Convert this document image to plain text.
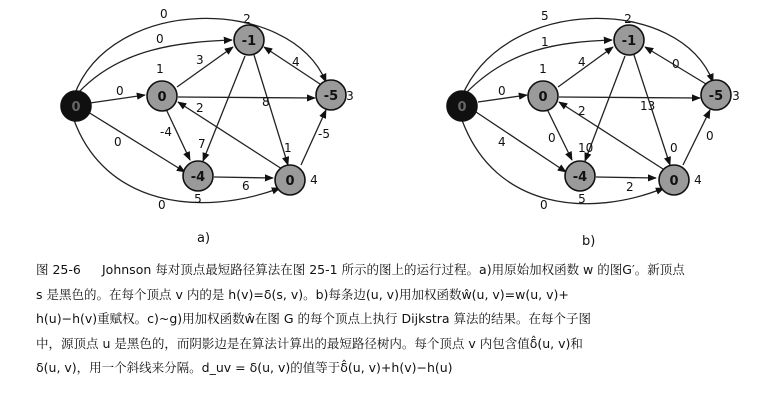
0
0
0
0
0
3
8
-4
1
7
4
2
-5
6
5
1
0
4
0
4
13
0
0
10
0
2
0
2
0
0
1
-1
2
-5 3
0 4
-4
5
0
0
1
-1
2
-5 3
0 4
-4
5
a)	b)

图 25-6 Johnson 每对顶点最短路径算法在图 25-1 所示的图上的运行过程。a)用原始加权函数 w 的图G′。新顶点

s 是黑色的。在每个顶点 v 内的是 h(v)=δ(s, v)。b)每条边(u, v)用加权函数ŵ(u, v)=w(u, v)+

h(u)−h(v)重赋权。c)~g)用加权函数ŵ在图 G 的每个顶点上执行 Dijkstra 算法的结果。在每个子图

中，源顶点 u 是黑色的，而阴影边是在算法计算出的最短路径树内。每个顶点 v 内包含值δ̂(u, v)和

δ(u, v)，用一个斜线来分隔。d_uv = δ(u, v)的值等于δ̂(u, v)+h(v)−h(u)
